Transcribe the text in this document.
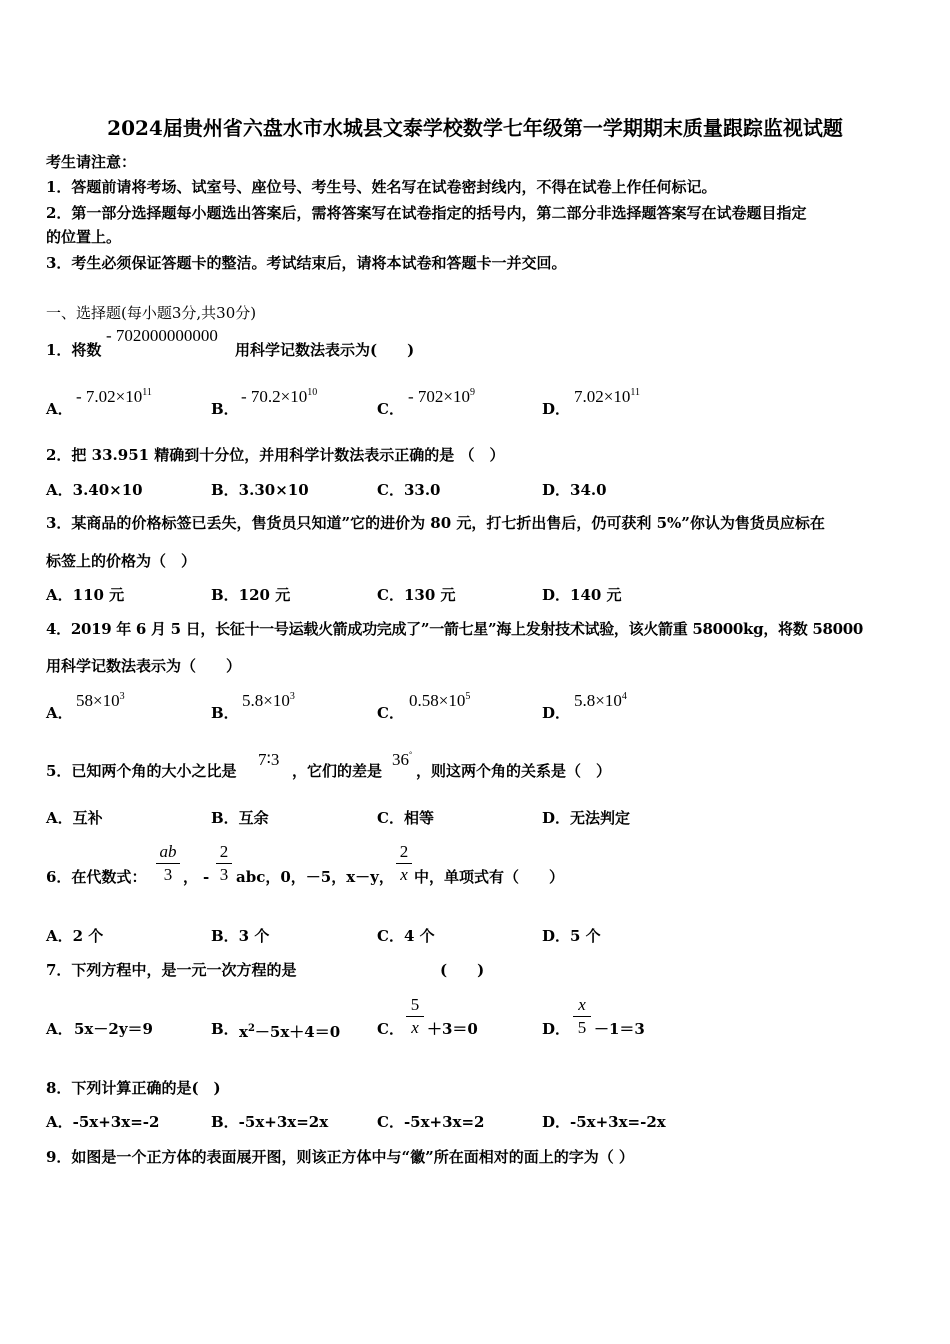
2024届贵州省六盘水市水城县文泰学校数学七年级第一学期期末质量跟踪监视试题
考生请注意：
1．答题前请将考场、试室号、座位号、考生号、姓名写在试卷密封线内，不得在试卷上作任何标记。
2．第一部分选择题每小题选出答案后，需将答案写在试卷指定的括号内，第二部分非选择题答案写在试卷题目指定
的位置上。
3．考生必须保证答题卡的整洁。考试结束后，请将本试卷和答题卡一并交回。
一、选择题(每小题3分,共30分)
1．将数
- 702000000000
用科学记数法表示为(　　)
A．
- $7.02\times 10^{11}$
B．
- $70.2\times 10^{10}$
C．
- $702\times 10^9$
D．
$7.02\times 10^{11}$
2．把 33.951 精确到十分位，并用科学计数法表示正确的是 （　）
A．3.40×10	B．3.30×10	C．33.0	D．34.0
3．某商品的价格标签已丢失，售货员只知道”它的进价为 80 元，打七折出售后，仍可获利 5%”你认为售货员应标在
标签上的价格为（　）
A．110 元	B．120 元	C．130 元	D．140 元
4．2019 年 6 月 5 日，长征十一号运载火箭成功完成了”一箭七星”海上发射技术试验，该火箭重 58000kg，将数 58000
用科学记数法表示为（　　）
A．
$58\times 10^3$
B．
$5.8\times 10^3$
C．
$0.58\times 10^5$
D．
$5.8\times 10^4$
5．已知两个角的大小之比是
7∶3
，它们的差是
36°
，则这两个角的关系是（　）
A．互补	B．互余	C．相等	D．无法判定
6．在代数式：
ab
3 ， -
2
3 abc，0，－5，x－y，
2
x 中，单项式有（　　）
A．2 个	B．3 个	C．4 个	D．5 个
7．下列方程中，是一元一次方程的是	(　　)
A． 5x－2y＝9	B． $x^2-5x+4=0$ C．
5
x ＋3＝0	D．
x
5 －1＝3
8．下列计算正确的是(　)
A．-5x+3x=-2	B．-5x+3x=2x	C．-5x+3x=2	D．-5x+3x=-2x
9．如图是一个正方体的表面展开图，则该正方体中与“徽”所在面相对的面上的字为（ ）
